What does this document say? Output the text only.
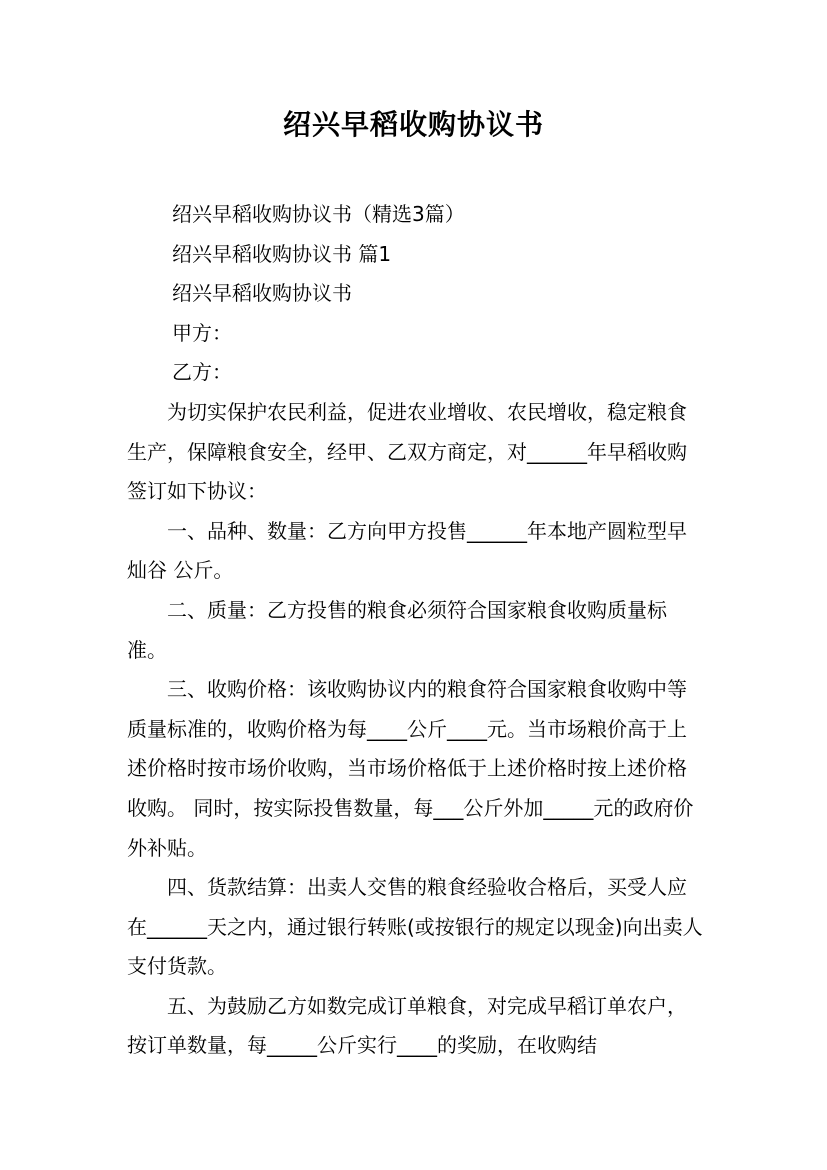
绍兴早稻收购协议书

绍兴早稻收购协议书（精选3篇）

绍兴早稻收购协议书 篇1

绍兴早稻收购协议书

甲方：

乙方：

为切实保护农民利益，促进农业增收、农民增收，稳定粮食生产，保障粮食安全，经甲、乙双方商定，对______年早稻收购签订如下协议：

一、品种、数量：乙方向甲方投售______年本地产圆粒型早灿谷 公斤。

二、质量：乙方投售的粮食必须符合国家粮食收购质量标准。

三、收购价格：该收购协议内的粮食符合国家粮食收购中等质量标准的，收购价格为每____公斤____元。当市场粮价高于上述价格时按市场价收购，当市场价格低于上述价格时按上述价格收购。 同时，按实际投售数量，每___公斤外加_____元的政府价外补贴。

四、货款结算：出卖人交售的粮食经验收合格后，买受人应在______天之内，通过银行转账(或按银行的规定以现金)向出卖人支付货款。

五、为鼓励乙方如数完成订单粮食，对完成早稻订单农户，按订单数量，每_____公斤实行____的奖励，在收购结
